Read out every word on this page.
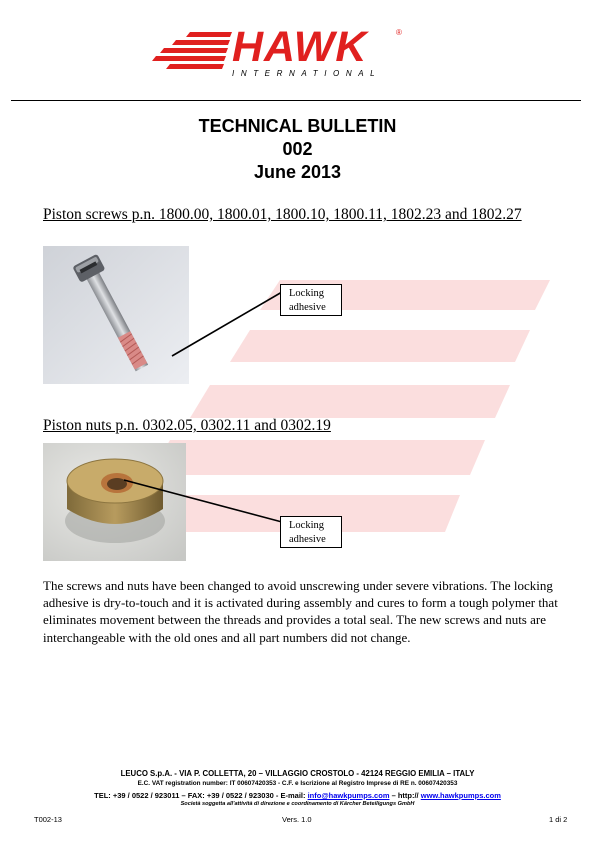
HAWK	®
INTERNATIONAL
TECHNICAL BULLETIN
002
June 2013
Piston screws p.n. 1800.00, 1800.01, 1800.10, 1800.11, 1802.23 and 1802.27
Locking
adhesive
Piston nuts p.n. 0302.05, 0302.11 and 0302.19
Locking
adhesive
The screws and nuts have been changed to avoid unscrewing under severe vibrations. The locking adhesive is dry-to-touch and it is activated during assembly and cures to form a tough polymer that eliminates movement between the threads and provides a total seal. The new screws and nuts are interchangeable with the old ones and all part numbers did not change.
LEUCO S.p.A. - VIA P. COLLETTA, 20 – VILLAGGIO CROSTOLO - 42124 REGGIO EMILIA – ITALY
E.C. VAT registration number: IT 00607420353 - C.F. e Iscrizione al Registro Imprese di RE n. 00607420353
TEL: +39 / 0522 / 923011 – FAX: +39 / 0522 / 923030 - E-mail: info@hawkpumps.com – http:// www.hawkpumps.com
Società soggetta all'attività di direzione e coordinamento di Kärcher Beteiligungs GmbH
T002-13	Vers. 1.0	1 di 2
